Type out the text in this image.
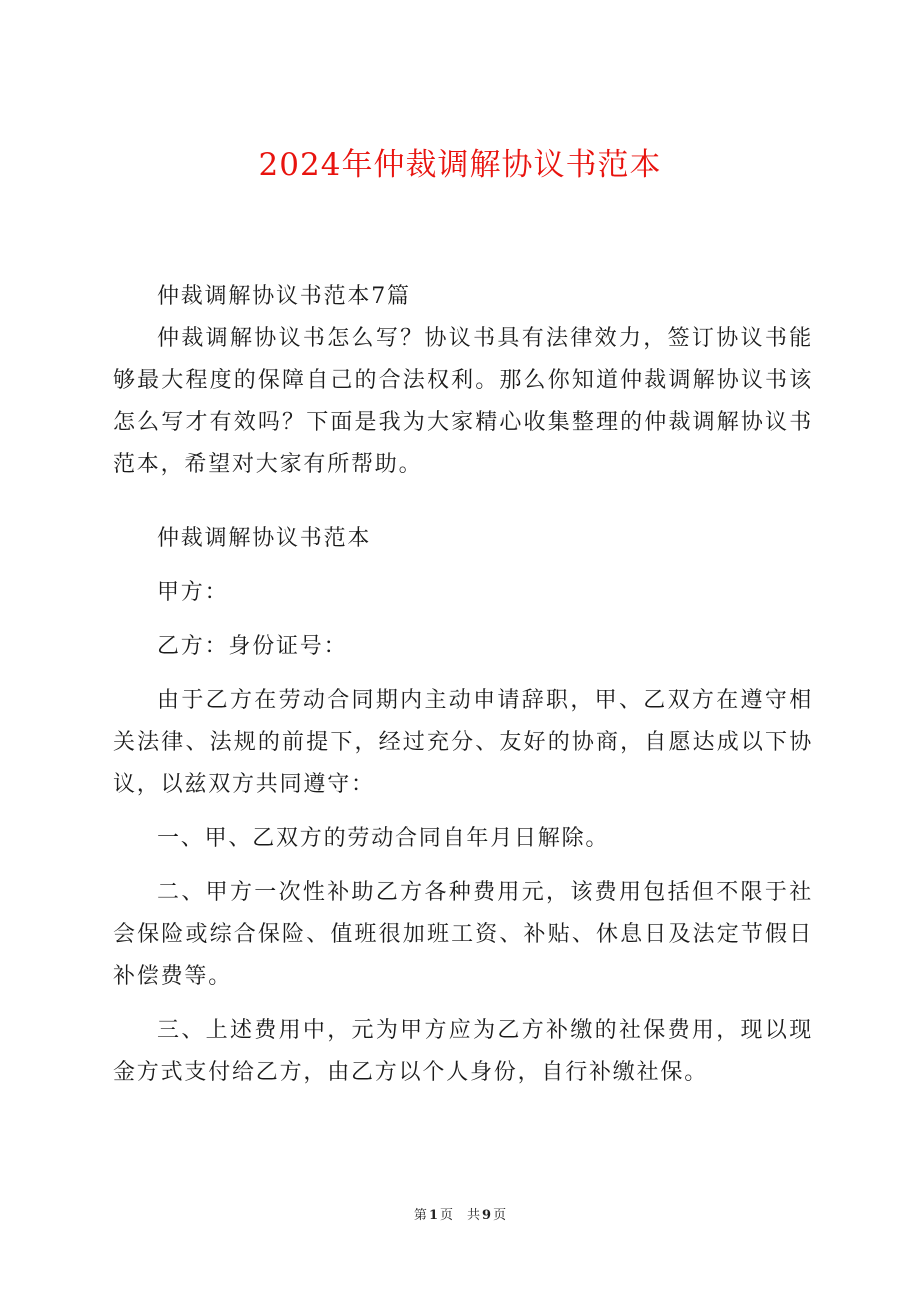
2024年仲裁调解协议书范本

仲裁调解协议书范本7篇

仲裁调解协议书怎么写？协议书具有法律效力，签订协议书能够最大程度的保障自己的合法权利。那么你知道仲裁调解协议书该怎么写才有效吗？下面是我为大家精心收集整理的仲裁调解协议书范本，希望对大家有所帮助。

仲裁调解协议书范本

甲方：

乙方：身份证号：

由于乙方在劳动合同期内主动申请辞职，甲、乙双方在遵守相关法律、法规的前提下，经过充分、友好的协商，自愿达成以下协议，以兹双方共同遵守：

一、甲、乙双方的劳动合同自年月日解除。

二、甲方一次性补助乙方各种费用元，该费用包括但不限于社会保险或综合保险、值班很加班工资、补贴、休息日及法定节假日补偿费等。

三、上述费用中，元为甲方应为乙方补缴的社保费用，现以现金方式支付给乙方，由乙方以个人身份，自行补缴社保。

第 1 页 共 9 页
